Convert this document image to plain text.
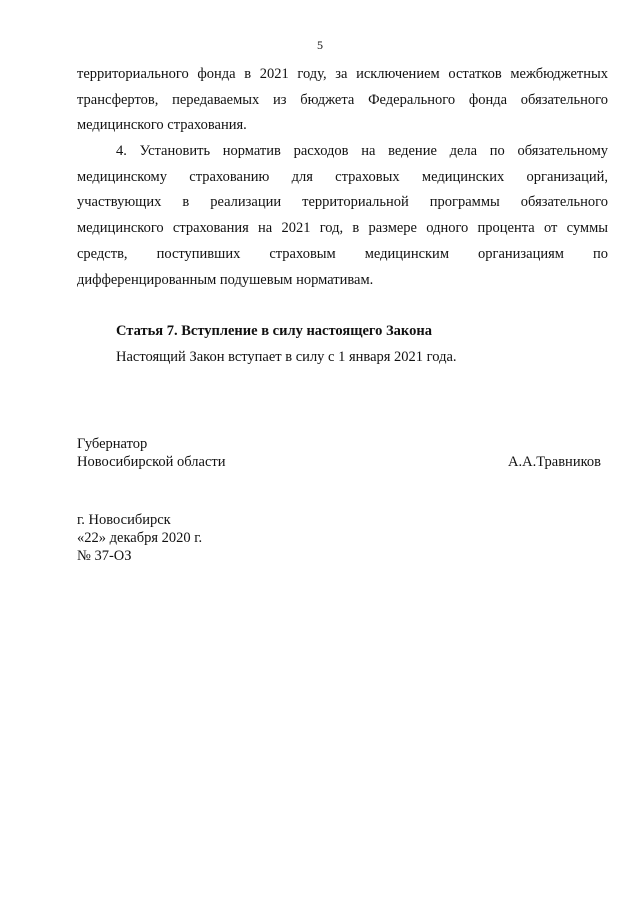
5
территориального фонда в 2021 году, за исключением остатков межбюджетных
трансфертов, передаваемых из бюджета Федерального фонда обязательного
медицинского страхования.
4. Установить норматив расходов на ведение дела по обязательному
медицинскому страхованию для страховых медицинских организаций,
участвующих в реализации территориальной программы обязательного
медицинского страхования на 2021 год, в размере одного процента от суммы
средств, поступивших страховым медицинским организациям по
дифференцированным подушевым нормативам.
Статья 7. Вступление в силу настоящего Закона
Настоящий Закон вступает в силу с 1 января 2021 года.
Губернатор
Новосибирской области	А.А.Травников
г. Новосибирск
«22» декабря 2020 г.
№ 37-ОЗ
